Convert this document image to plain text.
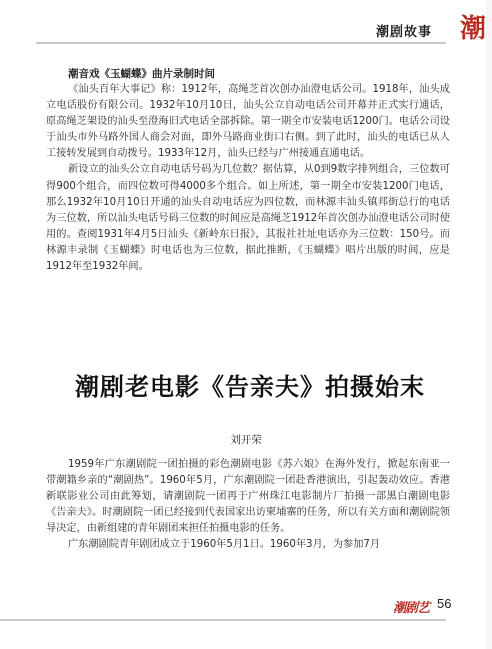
潮剧故事 潮

潮音戏《玉蝴蝶》曲片录制时间

《汕头百年大事记》称：1912年，高绳芝首次创办汕澄电话公司。1918年，汕头成立电话股份有限公司。1932年10月10日，汕头公立自动电话公司开幕并正式实行通话，原高绳芝架设的汕头至澄海旧式电话全部拆除。第一期全市安装电话1200门。电话公司设于汕头市外马路外国人商会对面，即外马路商业街口右侧。到了此时，汕头的电话已从人工接转发展到自动拨号。1933年12月，汕头已经与广州接通直通电话。

新设立的汕头公立自动电话号码为几位数？据估算，从0到9数字排列组合，三位数可得900个组合，而四位数可得4000多个组合。如上所述，第一期全市安装1200门电话，那么1932年10月10日开通的汕头自动电话应为四位数，而林源丰汕头镇邦街总行的电话为三位数，所以汕头电话号码三位数的时间应是高绳芝1912年首次创办汕澄电话公司时使用的。查阅1931年4月5日汕头《新岭东日报》，其报社社址电话亦为三位数：150号。而林源丰录制《玉蝴蝶》时电话也为三位数，据此推断，《玉蝴蝶》唱片出版的时间，应是1912年至1932年间。

潮剧老电影《告亲夫》拍摄始末
刘开荣

1959年广东潮剧院一团拍摄的彩色潮剧电影《苏六娘》在海外发行，掀起东南亚一带潮籍乡亲的“潮剧热”。1960年5月，广东潮剧院一团赴香港演出，引起轰动效应。香港新联影业公司由此筹划，请潮剧院一团再于广州珠江电影制片厂拍摄一部黑白潮剧电影《告亲夫》。时潮剧院一团已经接到代表国家出访柬埔寨的任务，所以有关方面和潮剧院领导决定，由新组建的青年剧团来担任拍摄电影的任务。

广东潮剧院青年剧团成立于1960年5月1日。1960年3月，为参加7月

潮剧艺 56
